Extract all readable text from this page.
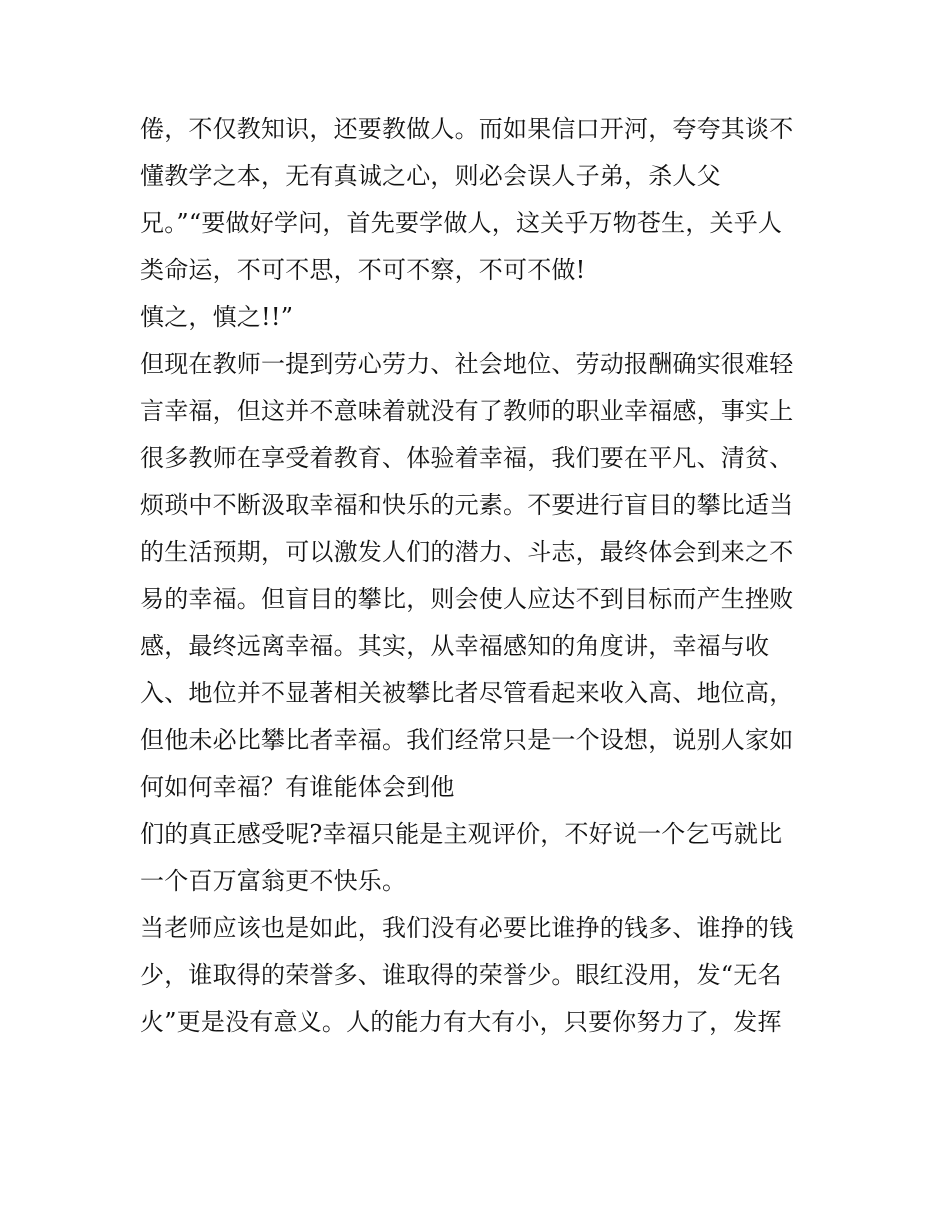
倦，不仅教知识，还要教做人。而如果信口开河，夸夸其谈不
懂教学之本，无有真诚之心，则必会误人子弟，杀人父
兄。”“要做好学问，首先要学做人，这关乎万物苍生，关乎人
类命运，不可不思，不可不察，不可不做!
慎之，慎之!!”
但现在教师一提到劳心劳力、社会地位、劳动报酬确实很难轻
言幸福，但这并不意味着就没有了教师的职业幸福感，事实上
很多教师在享受着教育、体验着幸福，我们要在平凡、清贫、
烦琐中不断汲取幸福和快乐的元素。不要进行盲目的攀比适当
的生活预期，可以激发人们的潜力、斗志，最终体会到来之不
易的幸福。但盲目的攀比，则会使人应达不到目标而产生挫败
感，最终远离幸福。其实，从幸福感知的角度讲，幸福与收
入、地位并不显著相关被攀比者尽管看起来收入高、地位高，
但他未必比攀比者幸福。我们经常只是一个设想，说别人家如
何如何幸福？有谁能体会到他
们的真正感受呢?幸福只能是主观评价，不好说一个乞丐就比
一个百万富翁更不快乐。
当老师应该也是如此，我们没有必要比谁挣的钱多、谁挣的钱
少，谁取得的荣誉多、谁取得的荣誉少。眼红没用，发“无名
火”更是没有意义。人的能力有大有小，只要你努力了，发挥
